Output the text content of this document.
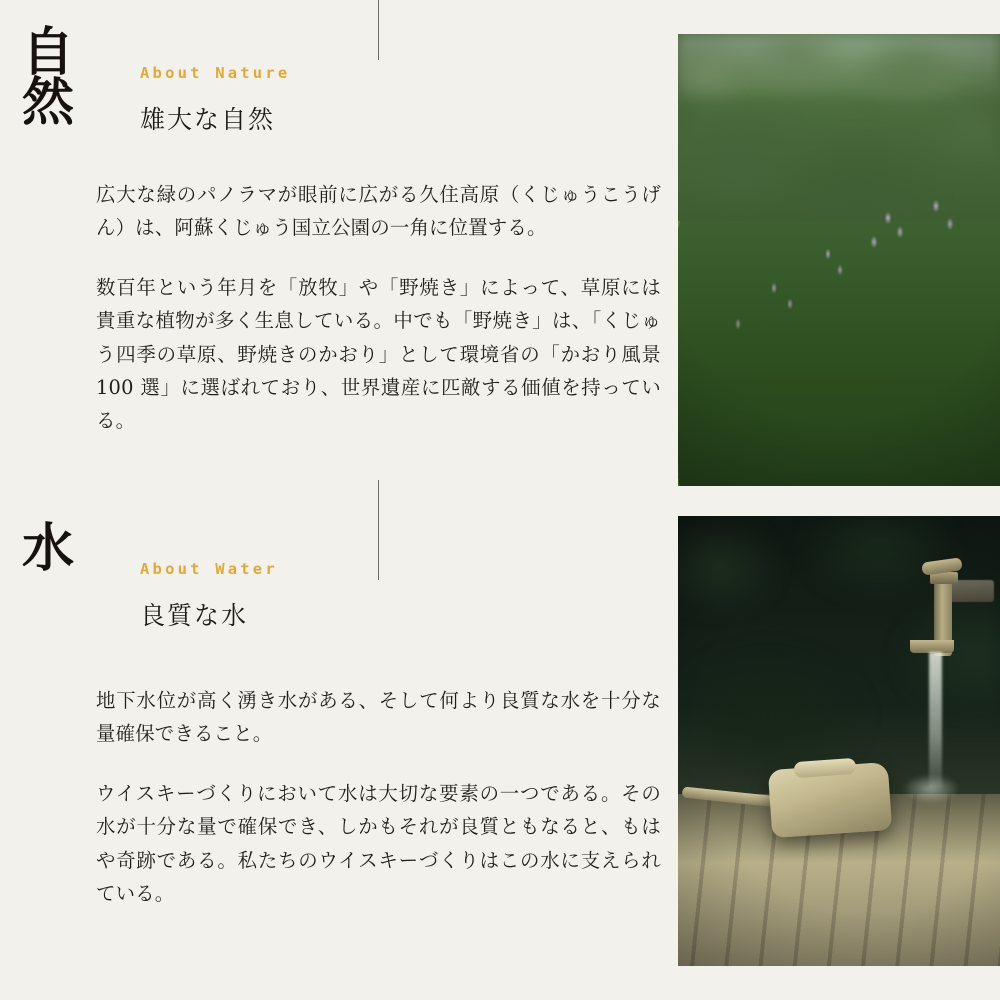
自
然	About Nature
雄大な自然

広大な緑のパノラマが眼前に広がる久住高原（くじゅうこうげん）は、阿蘇くじゅう国立公園の一角に位置する。

数百年という年月を「放牧」や「野焼き」によって、草原には貴重な植物が多く生息している。中でも「野焼き」は、「くじゅう四季の草原、野焼きのかおり」として環境省の「かおり風景 100 選」に選ばれており、世界遺産に匹敵する価値を持っている。

水	About Water
良質な水

地下水位が高く湧き水がある、そして何より良質な水を十分な量確保できること。

ウイスキーづくりにおいて水は大切な要素の一つである。その水が十分な量で確保でき、しかもそれが良質ともなると、もはや奇跡である。私たちのウイスキーづくりはこの水に支えられている。
